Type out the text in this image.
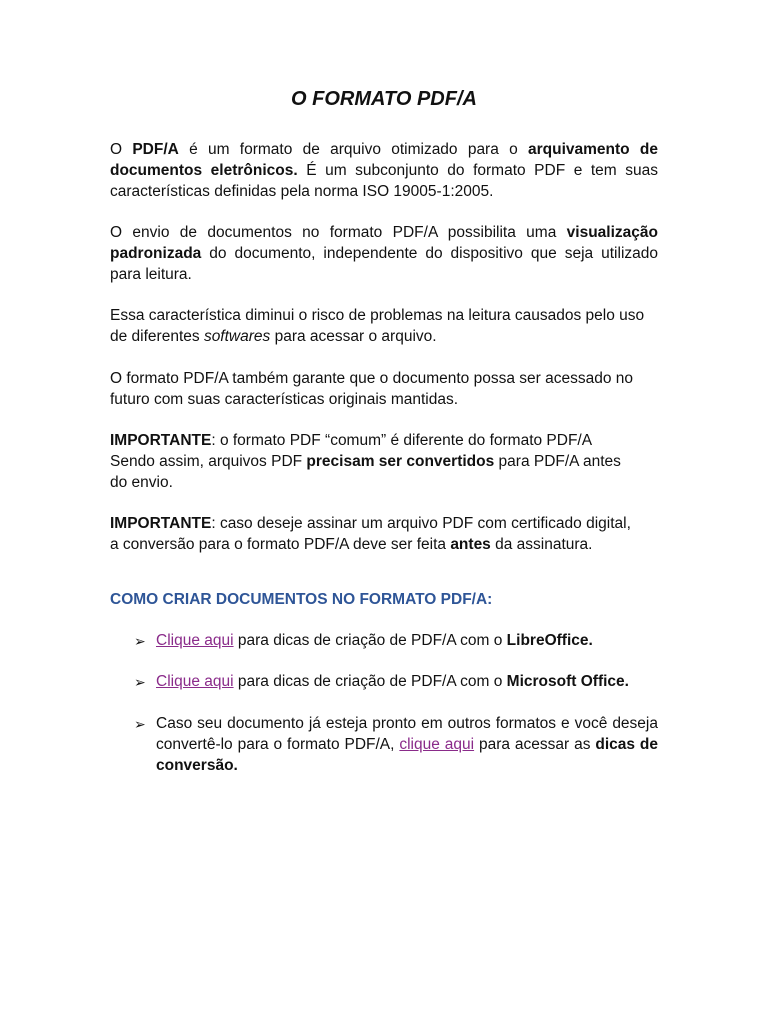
O FORMATO PDF/A

O PDF/A é um formato de arquivo otimizado para o arquivamento de documentos eletrônicos. É um subconjunto do formato PDF e tem suas características definidas pela norma ISO 19005-1:2005.

O envio de documentos no formato PDF/A possibilita uma visualização padronizada do documento, independente do dispositivo que seja utilizado para leitura.

Essa característica diminui o risco de problemas na leitura causados pelo uso de diferentes softwares para acessar o arquivo.

O formato PDF/A também garante que o documento possa ser acessado no futuro com suas características originais mantidas.

IMPORTANTE: o formato PDF “comum” é diferente do formato PDF/A
Sendo assim, arquivos PDF precisam ser convertidos para PDF/A antes
do envio.

IMPORTANTE: caso deseje assinar um arquivo PDF com certificado digital,
a conversão para o formato PDF/A deve ser feita antes da assinatura.

COMO CRIAR DOCUMENTOS NO FORMATO PDF/A:
➢ Clique aqui para dicas de criação de PDF/A com o LibreOffice.
➢ Clique aqui para dicas de criação de PDF/A com o Microsoft Office.
➢ Caso seu documento já esteja pronto em outros formatos e você deseja convertê-lo para o formato PDF/A, clique aqui para acessar as dicas de conversão.
